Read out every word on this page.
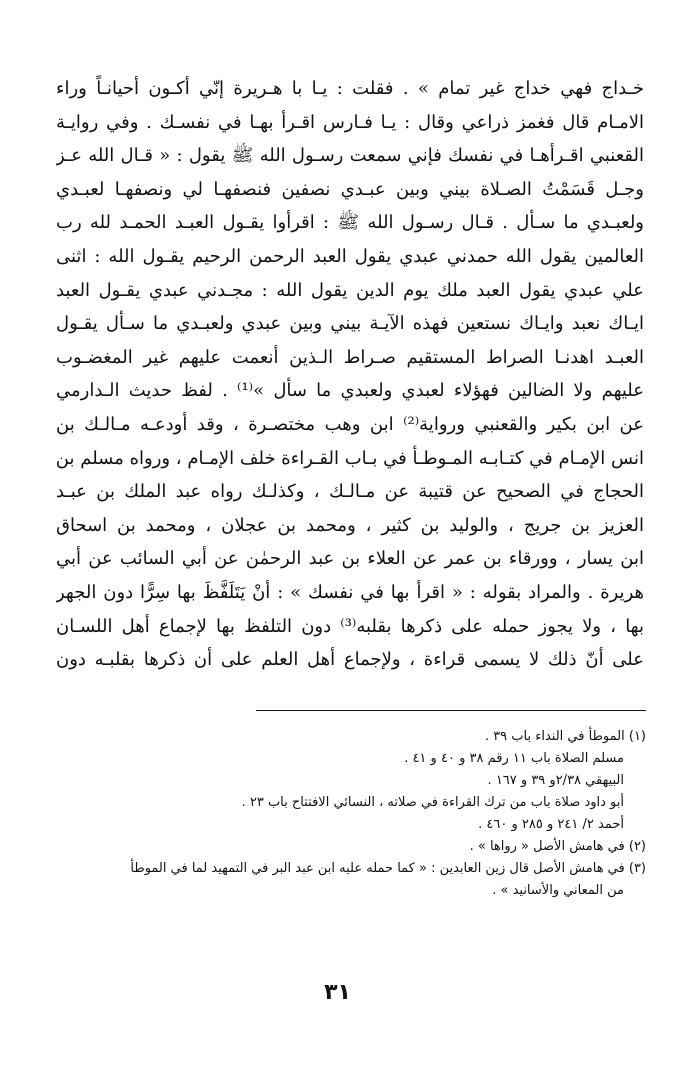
خـداج فهي خداج غير تمام » . فقلت : يـا با هـريرة إنّي أكـون أحيانـاً وراء
الامـام قال فغمز ذراعي وقال : يـا فـارس اقـرأ بهـا في نفسـك . وفي روايـة
القعنبي اقـرأهـا في نفسك فإني سمعت رسـول الله ﷺ يقول : « قـال الله عـز
وجـل قَسَمْتُ الصـلاة بيني وبين عبـدي نصفين فنصفهـا لي ونصفهـا لعبـدي
ولعبـدي ما سـأل . قـال رسـول الله ﷺ : اقرأوا يقـول العبـد الحمـد لله رب
العالمين يقول الله حمدني عبدي يقول العبد الرحمن الرحيم يقـول الله : اثنى
علي عبدي يقول العبد ملك يوم الدين يقول الله : مجـدني عبدي يقـول العبد
ايـاك نعبد وايـاك نستعين فهذه الآيـة بيني وبين عبدي ولعبـدي ما سـأل يقـول
العبـد اهدنـا الصراط المستقيم صـراط الـذين أنعمت عليهم غير المغضـوب
عليهم ولا الضالين فهؤلاء لعبدي ولعبدي ما سأل »⁽¹⁾ . لفظ حديث الـدارمي
عن ابن بكير والقعنبي ورواية⁽²⁾ ابن وهب مختصـرة ، وقد أودعـه مـالـك بن
انس الإمـام في كتـابـه المـوطـأ في بـاب القـراءة خلف الإمـام ، ورواه مسلم بن
الحجاج في الصحيح عن قتيبة عن مـالـك ، وكذلـك رواه عبد الملك بن عبـد
العزيز بن جريج ، والوليد بن كثير ، ومحمد بن عجلان ، ومحمد بن اسحاق
ابن يسار ، وورقاء بن عمر عن العلاء بن عبد الرحمٰن عن أبي السائب عن أبي
هريرة . والمراد بقوله : « اقرأ بها في نفسك » : أنْ يَتَلَفَّظَ بها سِرًّا دون الجهر
بها ، ولا يجوز حمله على ذكرها بقلبه⁽³⁾ دون التلفظ بها لإجماع أهل اللسـان
على أنّ ذلك لا يسمى قراءة ، ولإجماع أهل العلم على أن ذكرها بقلبـه دون
(١) الموطأ في النداء باب ٣٩ .
مسلم الصلاة باب ١١ رقم ٣٨ و ٤٠ و ٤١ .
البيهقي ٢/٣٨و ٣٩ و ١٦٧ .
أبو داود صلاة باب من ترك القراءة في صلاته ، النسائي الافتتاح باب ٢٣ .
أحمد ٢/ ٢٤١ و ٢٨٥ و ٤٦٠ .
(٢) في هامش الأصل « رواها » .
(٣) في هامش الأصل قال زين العابدين : « كما حمله عليه ابن عبد البر في التمهيد لما في الموطأ
من المعاني والأسانيد » .
٣١
